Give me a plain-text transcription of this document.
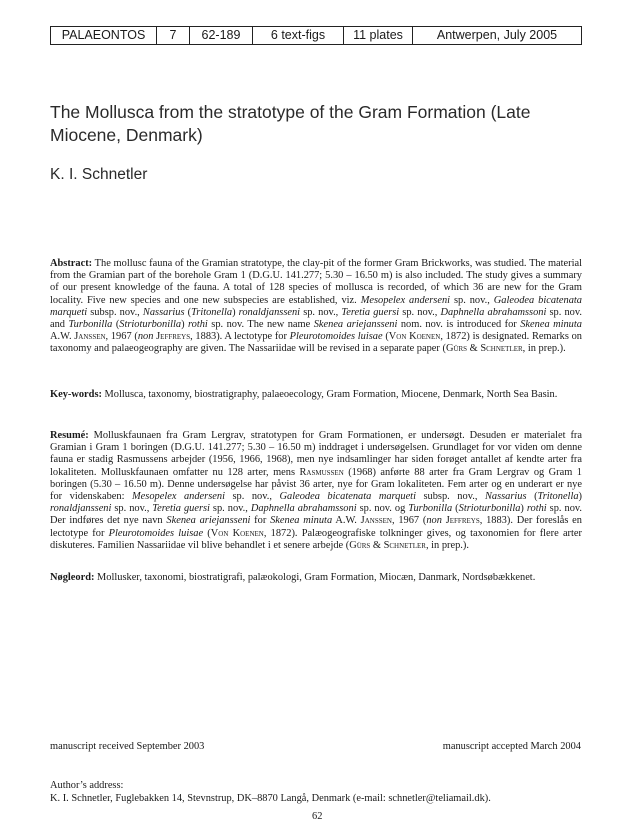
PALAEONTOS	7	62-189	6 text-figs	11 plates	Antwerpen, July 2005
The Mollusca from the stratotype of the Gram Formation (Late Miocene, Denmark)

K. I. Schnetler

Abstract: The mollusc fauna of the Gramian stratotype, the clay-pit of the former Gram Brickworks, was studied. The material from the Gramian part of the borehole Gram 1 (D.G.U. 141.277; 5.30 – 16.50 m) is also included. The study gives a summary of our present knowledge of the fauna. A total of 128 species of mollusca is recorded, of which 36 are new for the Gram locality. Five new species and one new subspecies are established, viz. Mesopelex anderseni sp. nov., Galeodea bicatenata marqueti subsp. nov., Nassarius (Tritonella) ronaldjansseni sp. nov., Teretia guersi sp. nov., Daphnella abrahamssoni sp. nov. and Turbonilla (Strioturbonilla) rothi sp. nov. The new name Skenea ariejansseni nom. nov. is introduced for Skenea minuta A.W. Janssen, 1967 (non Jeffreys, 1883). A lectotype for Pleurotomoides luisae (Von Koenen, 1872) is designated. Remarks on taxonomy and palaeogeography are given. The Nassariidae will be revised in a separate paper (Gürs & Schnetler, in prep.).

Key-words: Mollusca, taxonomy, biostratigraphy, palaeoecology, Gram Formation, Miocene, Denmark, North Sea Basin.

Resumé: Molluskfaunaen fra Gram Lergrav, stratotypen for Gram Formationen, er undersøgt. Desuden er materialet fra Gramian i Gram 1 boringen (D.G.U. 141.277; 5.30 – 16.50 m) inddraget i undersøgelsen. Grundlaget for vor viden om denne fauna er stadig Rasmussens arbejder (1956, 1966, 1968), men nye indsamlinger har siden forøget antallet af kendte arter fra lokaliteten. Molluskfaunaen omfatter nu 128 arter, mens Rasmussen (1968) anførte 88 arter fra Gram Lergrav og Gram 1 boringen (5.30 – 16.50 m). Denne undersøgelse har påvist 36 arter, nye for Gram lokaliteten. Fem arter og en underart er nye for videnskaben: Mesopelex anderseni sp. nov., Galeodea bicatenata marqueti subsp. nov., Nassarius (Tritonella) ronaldjansseni sp. nov., Teretia guersi sp. nov., Daphnella abrahamssoni sp. nov. og Turbonilla (Strioturbonilla) rothi sp. nov. Der indføres det nye navn Skenea ariejansseni for Skenea minuta A.W. Janssen, 1967 (non Jeffreys, 1883). Der foreslås en lectotype for Pleurotomoides luisae (Von Koenen, 1872). Palæogeografiske tolkninger gives, og taxonomien for flere arter diskuteres. Familien Nassariidae vil blive behandlet i et senere arbejde (Gürs & Schnetler, in prep.).

Nøgleord: Mollusker, taxonomi, biostratigrafi, palæokologi, Gram Formation, Miocæn, Danmark, Nordsøbækkenet.

manuscript received September 2003	manuscript accepted March 2004

Author’s address:

K. I. Schnetler, Fuglebakken 14, Stevnstrup, DK–8870 Langå, Denmark (e-mail: schnetler@teliamail.dk).

62
